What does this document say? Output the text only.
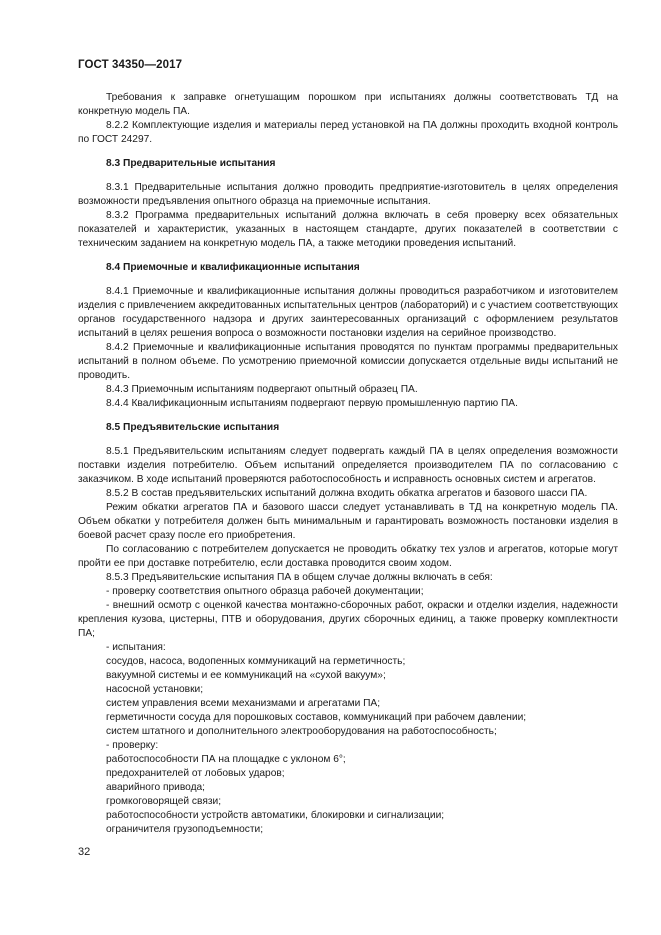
ГОСТ 34350—2017

Требования к заправке огнетушащим порошком при испытаниях должны соответствовать ТД на конкретную модель ПА.

8.2.2 Комплектующие изделия и материалы перед установкой на ПА должны проходить входной контроль по ГОСТ 24297.

8.3 Предварительные испытания

8.3.1 Предварительные испытания должно проводить предприятие-изготовитель в целях определения возможности предъявления опытного образца на приемочные испытания.

8.3.2 Программа предварительных испытаний должна включать в себя проверку всех обязательных показателей и характеристик, указанных в настоящем стандарте, других показателей в соответствии с техническим заданием на конкретную модель ПА, а также методики проведения испытаний.

8.4 Приемочные и квалификационные испытания

8.4.1 Приемочные и квалификационные испытания должны проводиться разработчиком и изготовителем изделия с привлечением аккредитованных испытательных центров (лабораторий) и с участием соответствующих органов государственного надзора и других заинтересованных организаций с оформлением результатов испытаний в целях решения вопроса о возможности постановки изделия на серийное производство.

8.4.2 Приемочные и квалификационные испытания проводятся по пунктам программы предварительных испытаний в полном объеме. По усмотрению приемочной комиссии допускается отдельные виды испытаний не проводить.

8.4.3 Приемочным испытаниям подвергают опытный образец ПА.

8.4.4 Квалификационным испытаниям подвергают первую промышленную партию ПА.

8.5 Предъявительские испытания

8.5.1 Предъявительским испытаниям следует подвергать каждый ПА в целях определения возможности поставки изделия потребителю. Объем испытаний определяется производителем ПА по согласованию с заказчиком. В ходе испытаний проверяются работоспособность и исправность основных систем и агрегатов.

8.5.2 В состав предъявительских испытаний должна входить обкатка агрегатов и базового шасси ПА.

Режим обкатки агрегатов ПА и базового шасси следует устанавливать в ТД на конкретную модель ПА. Объем обкатки у потребителя должен быть минимальным и гарантировать возможность постановки изделия в боевой расчет сразу после его приобретения.

По согласованию с потребителем допускается не проводить обкатку тех узлов и агрегатов, которые могут пройти ее при доставке потребителю, если доставка проводится своим ходом.

8.5.3 Предъявительские испытания ПА в общем случае должны включать в себя:

- проверку соответствия опытного образца рабочей документации;

- внешний осмотр с оценкой качества монтажно-сборочных работ, окраски и отделки изделия, надежности крепления кузова, цистерны, ПТВ и оборудования, других сборочных единиц, а также проверку комплектности ПА;

- испытания:

сосудов, насоса, водопенных коммуникаций на герметичность;

вакуумной системы и ее коммуникаций на «сухой вакуум»;

насосной установки;

систем управления всеми механизмами и агрегатами ПА;

герметичности сосуда для порошковых составов, коммуникаций при рабочем давлении;

систем штатного и дополнительного электрооборудования на работоспособность;

- проверку:

работоспособности ПА на площадке с уклоном 6°;

предохранителей от лобовых ударов;

аварийного привода;

громкоговорящей связи;

работоспособности устройств автоматики, блокировки и сигнализации;

ограничителя грузоподъемности;

32
